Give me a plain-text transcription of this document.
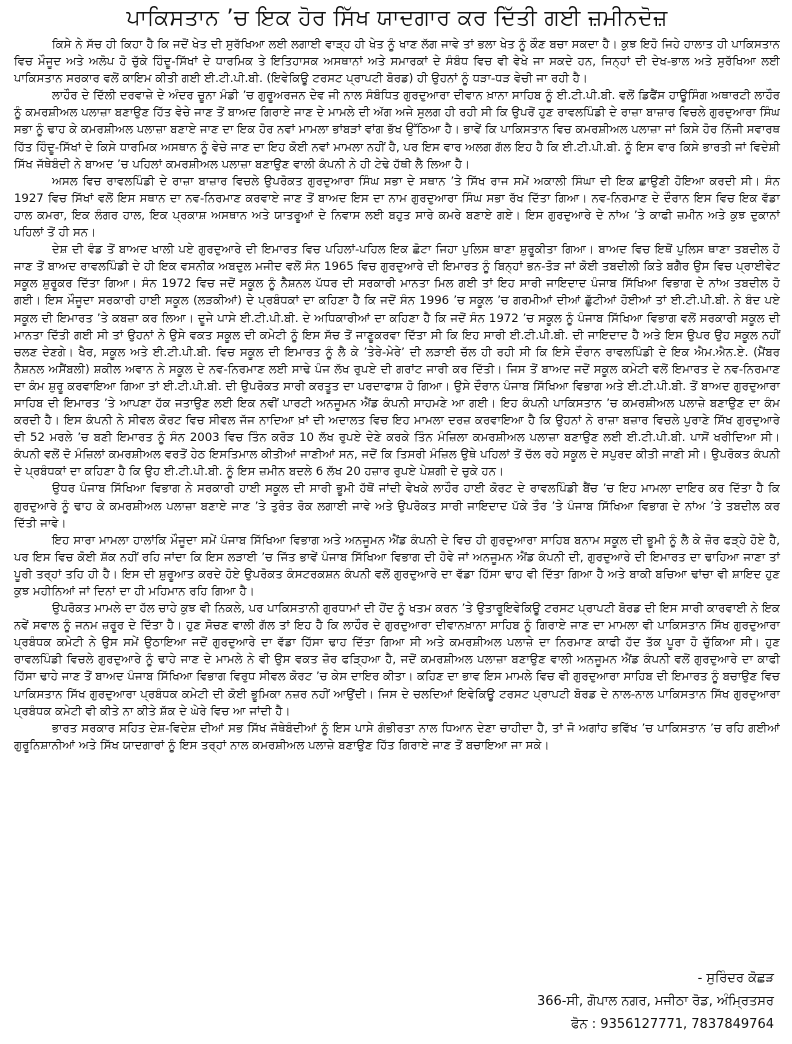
ਪਾਕਿਸਤਾਨ ’ਚ ਇਕ ਹੋਰ ਸਿੱਖ ਯਾਦਗਾਰ ਕਰ ਦਿੱਤੀ ਗਈ ਜ਼ਮੀਨਦੋਜ਼

ਕਿਸੇ ਨੇ ਸੱਚ ਹੀ ਕਿਹਾ ਹੈ ਕਿ ਜਦੋਂ ਖੇਤ ਦੀ ਸੁਰੱਖਿਆ ਲਈ ਲਗਾਈ ਵਾੜ੍ਹ ਹੀ ਖੇਤ ਨੂੰ ਖਾਣ ਲੱਗ ਜਾਵੇ ਤਾਂ ਭਲਾ ਖੇਤ ਨੂੰ ਕੌਣ ਬਚਾ ਸਕਦਾ ਹੈ। ਕੁਝ ਇਹੋ ਜਿਹੇ ਹਾਲਾਤ ਹੀ ਪਾਕਿਸਤਾਨ ਵਿਚ ਮੌਜੂਦ ਅਤੇ ਅਲੋਪ ਹੋ ਚੁੱਕੇ ਹਿੰਦੂ-ਸਿੱਖਾਂ ਦੇ ਧਾਰਮਿਕ ਤੇ ਇਤਿਹਾਸਕ ਅਸਥਾਨਾਂ ਅਤੇ ਸਮਾਰਕਾਂ ਦੇ ਸੰਬੰਧ ਵਿਚ ਵੀ ਵੇਖੇ ਜਾ ਸਕਦੇ ਹਨ, ਜਿਨ੍ਹਾਂ ਦੀ ਦੇਖ-ਭਾਲ ਅਤੇ ਸੁਰੱਖਿਆ ਲਈ ਪਾਕਿਸਤਾਨ ਸਰਕਾਰ ਵਲੋਂ ਕਾਇਮ ਕੀਤੀ ਗਈ ਈ.ਟੀ.ਪੀ.ਬੀ. (ਇਵੇਕਿਊ ਟਰਸਟ ਪ੍ਰਾਪਟੀ ਬੋਰਡ) ਹੀ ਉਹਨਾਂ ਨੂੰ ਧੜਾ-ਧੜ ਵੇਚੀ ਜਾ ਰਹੀ ਹੈ।

ਲਾਹੌਰ ਦੇ ਦਿੱਲੀ ਦਰਵਾਜ਼ੇ ਦੇ ਅੰਦਰ ਚੂਨਾ ਮੰਡੀ ’ਚ ਗੁਰੂਅਰਜਨ ਦੇਵ ਜੀ ਨਾਲ ਸੰਬੰਧਿਤ ਗੁਰਦੁਆਰਾ ਦੀਵਾਨ ਖ਼ਾਨਾ ਸਾਹਿਬ ਨੂੰ ਈ.ਟੀ.ਪੀ.ਬੀ. ਵਲੋਂ ਡਿਫੈਂਸ ਹਾਊਸਿੰਗ ਅਥਾਰਟੀ ਲਾਹੌਰ ਨੂੰ ਕਮਰਸ਼ੀਅਲ ਪਲਾਜ਼ਾ ਬਣਾਉਣ ਹਿੱਤ ਵੇਚੇ ਜਾਣ ਤੋਂ ਬਾਅਦ ਗਿਰਾਏ ਜਾਣ ਦੇ ਮਾਮਲੇ ਦੀ ਅੱਗ ਅਜੇ ਸੁਲਗ ਹੀ ਰਹੀ ਸੀ ਕਿ ਉਪਰੋਂ ਹੁਣ ਰਾਵਲਪਿੰਡੀ ਦੇ ਰਾਜ਼ਾ ਬਾਜ਼ਾਰ ਵਿਚਲੇ ਗੁਰਦੁਆਰਾ ਸਿੰਘ ਸਭਾ ਨੂੰ ਢਾਹ ਕੇ ਕਮਰਸ਼ੀਅਲ ਪਲਾਜ਼ਾ ਬਣਾਏ ਜਾਣ ਦਾ ਇਕ ਹੋਰ ਨਵਾਂ ਮਾਮਲਾ ਭਾਂਬੜਾਂ ਵਾਂਗ ਭੱਖ ਉੱਠਿਆ ਹੈ। ਭਾਵੇਂ ਕਿ ਪਾਕਿਸਤਾਨ ਵਿਚ ਕਮਰਸ਼ੀਅਲ ਪਲਾਜ਼ਾ ਜਾਂ ਕਿਸੇ ਹੋਰ ਨਿੱਜੀ ਸਵਾਰਥ ਹਿੱਤ ਹਿੰਦੂ-ਸਿੱਖਾਂ ਦੇ ਕਿਸੇ ਧਾਰਮਿਕ ਅਸਥਾਨ ਨੂੰ ਵੇਚੇ ਜਾਣ ਦਾ ਇਹ ਕੋਈ ਨਵਾਂ ਮਾਮਲਾ ਨਹੀਂ ਹੈ, ਪਰ ਇਸ ਵਾਰ ਅਲਗ ਗੱਲ ਇਹ ਹੈ ਕਿ ਈ.ਟੀ.ਪੀ.ਬੀ. ਨੂੰ ਇਸ ਵਾਰ ਕਿਸੇ ਭਾਰਤੀ ਜਾਂ ਵਿਦੇਸ਼ੀ ਸਿੱਖ ਜੱਥੇਬੰਦੀ ਨੇ ਬਾਅਦ ’ਚ ਪਹਿਲਾਂ ਕਮਰਸ਼ੀਅਲ ਪਲਾਜ਼ਾ ਬਣਾਉਣ ਵਾਲੀ ਕੰਪਨੀ ਨੇ ਹੀ ਟੇਢੇ ਹੱਥੀ ਲੈ ਲਿਆ ਹੈ।

ਅਸਲ ਵਿਚ ਰਾਵਲਪਿੰਡੀ ਦੇ ਰਾਜ਼ਾ ਬਾਜ਼ਾਰ ਵਿਚਲੇ ਉਪਰੋਕਤ ਗੁਰਦੁਆਰਾ ਸਿੰਘ ਸਭਾ ਦੇ ਸਥਾਨ ’ਤੇ ਸਿੱਖ ਰਾਜ ਸਮੇਂ ਅਕਾਲੀ ਸਿੰਘਾ ਦੀ ਇਕ ਛਾਉਣੀ ਹੋਇਆ ਕਰਦੀ ਸੀ। ਸੰਨ 1927 ਵਿਚ ਸਿੱਖਾਂ ਵਲੋਂ ਇਸ ਸਥਾਨ ਦਾ ਨਵ-ਨਿਰਮਾਣ ਕਰਵਾਏ ਜਾਣ ਤੋਂ ਬਾਅਦ ਇਸ ਦਾ ਨਾਮ ਗੁਰਦੁਆਰਾ ਸਿੰਘ ਸਭਾ ਰੱਖ ਦਿੱਤਾ ਗਿਆ। ਨਵ-ਨਿਰਮਾਣ ਦੇ ਦੌਰਾਨ ਇਸ ਵਿਚ ਇਕ ਵੱਡਾ ਹਾਲ ਕਮਰਾ, ਇਕ ਲੰਗਰ ਹਾਲ, ਇਕ ਪ੍ਰਕਾਸ਼ ਅਸਥਾਨ ਅਤੇ ਯਾਤਰੂਆਂ ਦੇ ਨਿਵਾਸ ਲਈ ਬਹੁਤ ਸਾਰੇ ਕਮਰੇ ਬਣਾਏ ਗਏ। ਇਸ ਗੁਰਦੁਆਰੇ ਦੇ ਨਾਂਅ ’ਤੇ ਕਾਫੀ ਜ਼ਮੀਨ ਅਤੇ ਕੁਝ ਦੁਕਾਨਾਂ ਪਹਿਲਾਂ ਤੋਂ ਹੀ ਸਨ।

ਦੇਸ਼ ਦੀ ਵੰਡ ਤੋਂ ਬਾਅਦ ਖਾਲੀ ਪਏ ਗੁਰਦੁਆਰੇ ਦੀ ਇਮਾਰਤ ਵਿਚ ਪਹਿਲਾਂ-ਪਹਿਲ ਇਕ ਛੋਟਾ ਜਿਹਾ ਪੁਲਿਸ ਥਾਣਾ ਸ਼ੁਰੂਕੀਤਾ ਗਿਆ। ਬਾਅਦ ਵਿਚ ਇਥੋਂ ਪੁਲਿਸ ਥਾਣਾ ਤਬਦੀਲ ਹੋ ਜਾਣ ਤੋਂ ਬਾਅਦ ਰਾਵਲਪਿੰਡੀ ਦੇ ਹੀ ਇਕ ਵਸਨੀਕ ਅਬਦੁਲ ਮਜੀਦ ਵਲੋਂ ਸੰਨ 1965 ਵਿਚ ਗੁਰਦੁਆਰੇ ਦੀ ਇਮਾਰਤ ਨੂੰ ਬਿਨ੍ਹਾਂ ਭਨ-ਤੋੜ ਜਾਂ ਕੋਈ ਤਬਦੀਲੀ ਕਿਤੇ ਬਗੈਰ ਉਸ ਵਿਚ ਪ੍ਰਾਈਵੇਟ ਸਕੂਲ ਸ਼ੁਰੂਕਰ ਦਿੱਤਾ ਗਿਆ। ਸੰਨ 1972 ਵਿਚ ਜਦੋਂ ਸਕੂਲ ਨੂੰ ਨੈਸ਼ਨਲ ਪੱਧਰ ਦੀ ਸਰਕਾਰੀ ਮਾਨਤਾ ਮਿਲ ਗਈ ਤਾਂ ਇਹ ਸਾਰੀ ਜਾਇਦਾਦ ਪੰਜਾਬ ਸਿੱਖਿਆ ਵਿਭਾਗ ਦੇ ਨਾਂਅ ਤਬਦੀਲ ਹੋ ਗਈ। ਇਸ ਮੌਜੂਦਾ ਸਰਕਾਰੀ ਹਾਈ ਸਕੂਲ (ਲੜਕੀਆਂ) ਦੇ ਪ੍ਰਬੰਧਕਾਂ ਦਾ ਕਹਿਣਾ ਹੈ ਕਿ ਜਦੋਂ ਸੰਨ 1996 ’ਚ ਸਕੂਲ ’ਚ ਗਰਮੀਆਂ ਦੀਆਂ ਛੁੱਟੀਆਂ ਹੋਈਆਂ ਤਾਂ ਈ.ਟੀ.ਪੀ.ਬੀ. ਨੇ ਬੰਦ ਪਏ ਸਕੂਲ ਦੀ ਇਮਾਰਤ ’ਤੇ ਕਬਜ਼ਾ ਕਰ ਲਿਆ। ਦੂਜੇ ਪਾਸੇ ਈ.ਟੀ.ਪੀ.ਬੀ. ਦੇ ਅਧਿਕਾਰੀਆਂ ਦਾ ਕਹਿਣਾ ਹੈ ਕਿ ਜਦੋਂ ਸੰਨ 1972 ’ਚ ਸਕੂਲ ਨੂੰ ਪੰਜਾਬ ਸਿੱਖਿਆ ਵਿਭਾਗ ਵਲੋਂ ਸਰਕਾਰੀ ਸਕੂਲ ਦੀ ਮਾਨਤਾ ਦਿੱਤੀ ਗਈ ਸੀ ਤਾਂ ਉਹਨਾਂ ਨੇ ਉਸੇ ਵਕਤ ਸਕੂਲ ਦੀ ਕਮੇਟੀ ਨੂੰ ਇਸ ਸੱਚ ਤੋਂ ਜਾਣੂਕਰਵਾ ਦਿੱਤਾ ਸੀ ਕਿ ਇਹ ਸਾਰੀ ਈ.ਟੀ.ਪੀ.ਬੀ. ਦੀ ਜਾਇਦਾਦ ਹੈ ਅਤੇ ਇਸ ਉਪਰ ਉਹ ਸਕੂਲ ਨਹੀਂ ਚਲਣ ਦੇਣਗੇ। ਖੈਰ, ਸਕੂਲ ਅਤੇ ਈ.ਟੀ.ਪੀ.ਬੀ. ਵਿਚ ਸਕੂਲ ਦੀ ਇਮਾਰਤ ਨੂੰ ਲੈ ਕੇ ’ਤੇਰੇ-ਮੇਰੇ’ ਦੀ ਲੜਾਈ ਚੱਲ ਹੀ ਰਹੀ ਸੀ ਕਿ ਇਸੇ ਦੌਰਾਨ ਰਾਵਲਪਿੰਡੀ ਦੇ ਇਕ ਐਮ.ਐਨ.ਏ. (ਮੈਂਬਰ ਨੈਸ਼ਨਲ ਅਸੈਂਬਲੀ) ਸ਼ਕੀਲ ਅਵਾਨ ਨੇ ਸਕੂਲ ਦੇ ਨਵ-ਨਿਰਮਾਣ ਲਈ ਸਾਢੇ ਪੰਜ ਲੱਖ ਰੁਪਏ ਦੀ ਗਰਾਂਟ ਜਾਰੀ ਕਰ ਦਿੱਤੀ। ਜਿਸ ਤੋਂ ਬਾਅਦ ਜਦੋਂ ਸਕੂਲ ਕਮੇਟੀ ਵਲੋਂ ਇਮਾਰਤ ਦੇ ਨਵ-ਨਿਰਮਾਣ ਦਾ ਕੰਮ ਸ਼ੁਰੂ ਕਰਵਾਇਆ ਗਿਆ ਤਾਂ ਈ.ਟੀ.ਪੀ.ਬੀ. ਦੀ ਉਪਰੋਕਤ ਸਾਰੀ ਕਰਤੂਤ ਦਾ ਪਰਦਾਫਾਸ਼ ਹੋ ਗਿਆ। ਉਸੇ ਦੌਰਾਨ ਪੰਜਾਬ ਸਿੱਖਿਆ ਵਿਭਾਗ ਅਤੇ ਈ.ਟੀ.ਪੀ.ਬੀ. ਤੋਂ ਬਾਅਦ ਗੁਰਦੁਆਰਾ ਸਾਹਿਬ ਦੀ ਇਮਾਰਤ ’ਤੇ ਆਪਣਾ ਹੱਕ ਜਤਾਉਣ ਲਈ ਇਕ ਨਵੀਂ ਪਾਰਟੀ ਅਨਜੂਮਨ ਐਂਡ ਕੰਪਨੀ ਸਾਹਮਣੇ ਆ ਗਈ। ਇਹ ਕੰਪਨੀ ਪਾਕਿਸਤਾਨ ’ਚ ਕਮਰਸ਼ੀਅਲ ਪਲਾਜ਼ੇ ਬਣਾਉਣ ਦਾ ਕੰਮ ਕਰਦੀ ਹੈ। ਇਸ ਕੰਪਨੀ ਨੇ ਸੀਵਲ ਕੋਰਟ ਵਿਚ ਸੀਵਲ ਜੱਜ ਨਾਦਿਆ ਖ਼ਾਂ ਦੀ ਅਦਾਲਤ ਵਿਚ ਇਹ ਮਾਮਲਾ ਦਰਜ਼ ਕਰਵਾਇਆ ਹੈ ਕਿ ਉਹਨਾਂ ਨੇ ਰਾਜ਼ਾ ਬਜ਼ਾਰ ਵਿਚਲੇ ਪੁਰਾਣੇ ਸਿੱਖ ਗੁਰਦੁਆਰੇ ਦੀ 52 ਮਰਲੇ ’ਚ ਬਣੀ ਇਮਾਰਤ ਨੂੰ ਸੰਨ 2003 ਵਿਚ ਤਿੰਨ ਕਰੋੜ 10 ਲੱਖ ਰੁਪਏ ਦੇਣੇ ਕਰਕੇ ਤਿੰਨ ਮੰਜ਼ਿਲਾ ਕਮਰਸ਼ੀਅਲ ਪਲਾਜ਼ਾ ਬਣਾਉਣ ਲਈ ਈ.ਟੀ.ਪੀ.ਬੀ. ਪਾਸੋਂ ਖਰੀਦਿਆ ਸੀ। ਕੰਪਨੀ ਵਲੋਂ ਦੋ ਮੰਜ਼ਿਲਾਂ ਕਮਰਸ਼ੀਅਲ ਵਰਤੋਂ ਹੇਠ ਇਸਤਿਮਾਲ ਕੀਤੀਆਂ ਜਾਣੀਆਂ ਸਨ, ਜਦੋਂ ਕਿ ਤਿਸਰੀ ਮੰਜ਼ਿਲ ਉਥੇ ਪਹਿਲਾਂ ਤੋਂ ਚੱਲ ਰਹੇ ਸਕੂਲ ਦੇ ਸਪੁਰਦ ਕੀਤੀ ਜਾਣੀ ਸੀ। ਉਪਰੋਕਤ ਕੰਪਨੀ ਦੇ ਪ੍ਰਬੰਧਕਾਂ ਦਾ ਕਹਿਣਾ ਹੈ ਕਿ ਉਹ ਈ.ਟੀ.ਪੀ.ਬੀ. ਨੂੰ ਇਸ ਜ਼ਮੀਨ ਬਦਲੇ 6 ਲੱਖ 20 ਹਜ਼ਾਰ ਰੁਪਏ ਪੇਸ਼ਗੀ ਦੇ ਚੁਕੇ ਹਨ।

ਉਧਰ ਪੰਜਾਬ ਸਿੱਖਿਆ ਵਿਭਾਗ ਨੇ ਸਰਕਾਰੀ ਹਾਈ ਸਕੂਲ ਦੀ ਸਾਰੀ ਭੂਮੀ ਹੱਥੋਂ ਜਾਂਦੀ ਵੇਖਕੇ ਲਾਹੌਰ ਹਾਈ ਕੋਰਟ ਦੇ ਰਾਵਲਪਿੰਡੀ ਬੈਂਚ ’ਚ ਇਹ ਮਾਮਲਾ ਦਾਇਰ ਕਰ ਦਿੱਤਾ ਹੈ ਕਿ ਗੁਰਦੁਆਰੇ ਨੂੰ ਢਾਹ ਕੇ ਕਮਰਸ਼ੀਅਲ ਪਲਾਜ਼ਾ ਬਣਾਏ ਜਾਣ ’ਤੇ ਤੁਰੰਤ ਰੋਕ ਲਗਾਈ ਜਾਵੇ ਅਤੇ ਉਪਰੋਕਤ ਸਾਰੀ ਜਾਇਦਾਦ ਪੱਕੇ ਤੌਰ ’ਤੇ ਪੰਜਾਬ ਸਿੱਖਿਆ ਵਿਭਾਗ ਦੇ ਨਾਂਅ ’ਤੇ ਤਬਦੀਲ ਕਰ ਦਿੱਤੀ ਜਾਵੇ।

ਇਹ ਸਾਰਾ ਮਾਮਲਾ ਹਾਲਾਂਕਿ ਮੌਜੂਦਾ ਸਮੇਂ ਪੰਜਾਬ ਸਿੱਖਿਆ ਵਿਭਾਗ ਅਤੇ ਅਨਜੂਮਨ ਐਂਡ ਕੰਪਨੀ ਦੇ ਵਿਚ ਹੀ ਗੁਰਦੁਆਰਾ ਸਾਹਿਬ ਬਨਾਮ ਸਕੂਲ ਦੀ ਭੂਮੀ ਨੂੰ ਲੈ ਕੇ ਜ਼ੋਰ ਫੜ੍ਹੇ ਹੋਏ ਹੈ, ਪਰ ਇਸ ਵਿਚ ਕੋਈ ਸ਼ੱਕ ਨਹੀਂ ਰਹਿ ਜਾਂਦਾ ਕਿ ਇਸ ਲੜਾਈ ’ਚ ਜਿੱਤ ਭਾਵੇਂ ਪੰਜਾਬ ਸਿੱਖਿਆ ਵਿਭਾਗ ਦੀ ਹੋਵੇ ਜਾਂ ਅਨਜੂਮਨ ਐਂਡ ਕੰਪਨੀ ਦੀ, ਗੁਰਦੁਆਰੇ ਦੀ ਇਮਾਰਤ ਦਾ ਢਾਹਿਆ ਜਾਣਾ ਤਾਂ ਪੂਰੀ ਤਰ੍ਹਾਂ ਤਹਿ ਹੀ ਹੈ। ਇਸ ਦੀ ਸ਼ੁਰੂਆਤ ਕਰਦੇ ਹੋਏ ਉਪਰੋਕਤ ਕੰਸਟਰਕਸ਼ਨ ਕੰਪਨੀ ਵਲੋਂ ਗੁਰਦੁਆਰੇ ਦਾ ਵੱਡਾ ਹਿੱਸਾ ਢਾਹ ਵੀ ਦਿੱਤਾ ਗਿਆ ਹੈ ਅਤੇ ਬਾਕੀ ਬਚਿਆ ਢਾਂਚਾ ਵੀ ਸ਼ਾਇਦ ਹੁਣ ਕੁਝ ਮਹੀਨਿਆਂ ਜਾਂ ਦਿਨਾਂ ਦਾ ਹੀ ਮਹਿਮਾਨ ਰਹਿ ਗਿਆ ਹੈ।

ਉਪਰੋਕਤ ਮਾਮਲੇ ਦਾ ਹੱਲ ਚਾਹੇ ਕੁਝ ਵੀ ਨਿਕਲੇ, ਪਰ ਪਾਕਿਸਤਾਨੀ ਗੁਰਧਾਮਾਂ ਦੀ ਹੋਂਦ ਨੂੰ ਖਤਮ ਕਰਨ ’ਤੇ ਉਤਾਰੂਇਵੇਕਿਊ ਟਰਸਟ ਪ੍ਰਾਪਟੀ ਬੋਰਡ ਦੀ ਇਸ ਸਾਰੀ ਕਾਰਵਾਈ ਨੇ ਇਕ ਨਵੇਂ ਸਵਾਲ ਨੂੰ ਜਨਮ ਜ਼ਰੂਰ ਦੇ ਦਿੱਤਾ ਹੈ। ਹੁਣ ਸੋਚਣ ਵਾਲੀ ਗੱਲ ਤਾਂ ਇਹ ਹੈ ਕਿ ਲਾਹੌਰ ਦੇ ਗੁਰਦੁਆਰਾ ਦੀਵਾਨਖ਼ਾਨਾ ਸਾਹਿਬ ਨੂੰ ਗਿਰਾਏ ਜਾਣ ਦਾ ਮਾਮਲਾ ਵੀ ਪਾਕਿਸਤਾਨ ਸਿੱਖ ਗੁਰਦੁਆਰਾ ਪ੍ਰਬੰਧਕ ਕਮੇਟੀ ਨੇ ਉਸ ਸਮੇਂ ਉਠਾਇਆ ਜਦੋਂ ਗੁਰਦੁਆਰੇ ਦਾ ਵੱਡਾ ਹਿੱਸਾ ਢਾਹ ਦਿੱਤਾ ਗਿਆ ਸੀ ਅਤੇ ਕਮਰਸ਼ੀਅਲ ਪਲਾਜ਼ੇ ਦਾ ਨਿਰਮਾਣ ਕਾਫੀ ਹੱਦ ਤੱਕ ਪੂਰਾ ਹੋ ਚੁੱਕਿਆ ਸੀ। ਹੁਣ ਰਾਵਲਪਿੰਡੀ ਵਿਚਲੇ ਗੁਰਦੁਆਰੇ ਨੂੰ ਢਾਹੇ ਜਾਣ ਦੇ ਮਾਮਲੇ ਨੇ ਵੀ ਉਸ ਵਕਤ ਜ਼ੋਰ ਫੜ੍ਹਿਆ ਹੈ, ਜਦੋਂ ਕਮਰਸ਼ੀਅਲ ਪਲਾਜ਼ਾ ਬਣਾਉਣ ਵਾਲੀ ਅਨਜੂਮਨ ਐਂਡ ਕੰਪਨੀ ਵਲੋਂ ਗੁਰਦੁਆਰੇ ਦਾ ਕਾਫੀ ਹਿੱਸਾ ਢਾਹੇ ਜਾਣ ਤੋਂ ਬਾਅਦ ਪੰਜਾਬ ਸਿੱਖਿਆ ਵਿਭਾਗ ਵਿਰੁਧ ਸੀਵਲ ਕੋਰਟ ’ਚ ਕੇਸ ਦਾਇਰ ਕੀਤਾ। ਕਹਿਣ ਦਾ ਭਾਵ ਇਸ ਮਾਮਲੇ ਵਿਚ ਵੀ ਗੁਰਦੁਆਰਾ ਸਾਹਿਬ ਦੀ ਇਮਾਰਤ ਨੂੰ ਬਚਾਉਣ ਵਿਚ ਪਾਕਿਸਤਾਨ ਸਿੱਖ ਗੁਰਦੁਆਰਾ ਪ੍ਰਬੰਧਕ ਕਮੇਟੀ ਦੀ ਕੋਈ ਭੂਮਿਕਾ ਨਜ਼ਰ ਨਹੀਂ ਆਉਂਦੀ। ਜਿਸ ਦੇ ਚਲਦਿਆਂ ਇਵੇਕਿਊ ਟਰਸਟ ਪ੍ਰਾਪਟੀ ਬੋਰਡ ਦੇ ਨਾਲ-ਨਾਲ ਪਾਕਿਸਤਾਨ ਸਿੱਖ ਗੁਰਦੁਆਰਾ ਪ੍ਰਬੰਧਕ ਕਮੇਟੀ ਵੀ ਕੀਤੇ ਨਾ ਕੀਤੇ ਸ਼ੱਕ ਦੇ ਘੇਰੇ ਵਿਚ ਆ ਜਾਂਦੀ ਹੈ।

ਭਾਰਤ ਸਰਕਾਰ ਸਹਿਤ ਦੇਸ਼-ਵਿਦੇਸ਼ ਦੀਆਂ ਸਭ ਸਿੱਖ ਜੱਥੇਬੰਦੀਆਂ ਨੂੰ ਇਸ ਪਾਸੇ ਗੰਭੀਰਤਾ ਨਾਲ ਧਿਆਨ ਦੇਣਾ ਚਾਹੀਦਾ ਹੈ, ਤਾਂ ਜੋ ਅਗਾਂਹ ਭਵਿੱਖ ’ਚ ਪਾਕਿਸਤਾਨ ’ਚ ਰਹਿ ਗਈਆਂ ਗੁਰੂਨਿਸ਼ਾਨੀਆਂ ਅਤੇ ਸਿੱਖ ਯਾਦਗਾਰਾਂ ਨੂੰ ਇਸ ਤਰ੍ਹਾਂ ਨਾਲ ਕਮਰਸ਼ੀਅਲ ਪਲਾਜ਼ੇ ਬਣਾਉਣ ਹਿੱਤ ਗਿਰਾਏ ਜਾਣ ਤੋਂ ਬਚਾਇਆ ਜਾ ਸਕੇ।

- ਸੁਰਿੰਦਰ ਕੋਛੜ
366-ਸੀ, ਗੋਪਾਲ ਨਗਰ, ਮਜੀਠਾ ਰੋਡ, ਅੰਮ੍ਰਿਤਸਰ
ਫੋਨ : 9356127771, 7837849764
